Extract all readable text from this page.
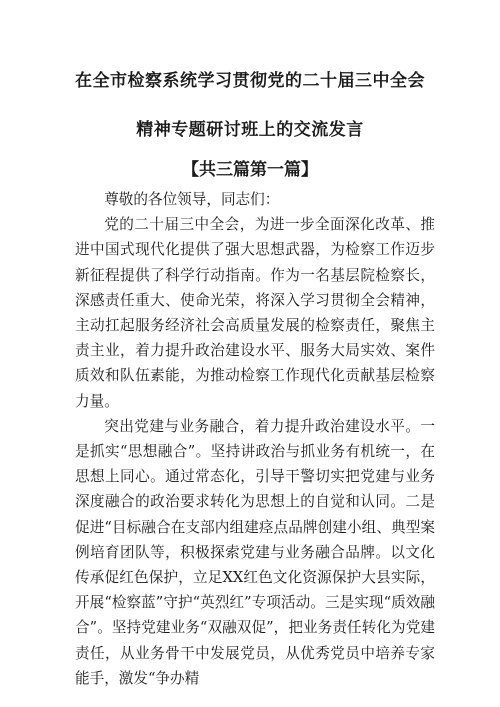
在全市检察系统学习贯彻党的二十届三中全会
精神专题研讨班上的交流发言
【共三篇第一篇】

尊敬的各位领导，同志们：

党的二十届三中全会，为进一步全面深化改革、推进中国式现代化提供了强大思想武器，为检察工作迈步新征程提供了科学行动指南。作为一名基层院检察长，深感责任重大、使命光荣，将深入学习贯彻全会精神，主动扛起服务经济社会高质量发展的检察责任，聚焦主责主业，着力提升政治建设水平、服务大局实效、案件质效和队伍素能，为推动检察工作现代化贡献基层检察力量。

突出党建与业务融合，着力提升政治建设水平。一是抓实“思想融合”。坚持讲政治与抓业务有机统一，在思想上同心。通过常态化，引导干警切实把党建与业务深度融合的政治要求转化为思想上的自觉和认同。二是促进“目标融合在支部内组建痉点品牌创建小组、典型案例培育团队等，积极探索党建与业务融合品牌。以文化传承促红色保护，立足XX红色文化资源保护大县实际，开展“检察蓝”守护“英烈红”专项活动。三是实现“质效融合”。坚持党建业务“双融双促”，把业务责任转化为党建责任，从业务骨干中发展党员，从优秀党员中培养专家能手，激发“争办精
